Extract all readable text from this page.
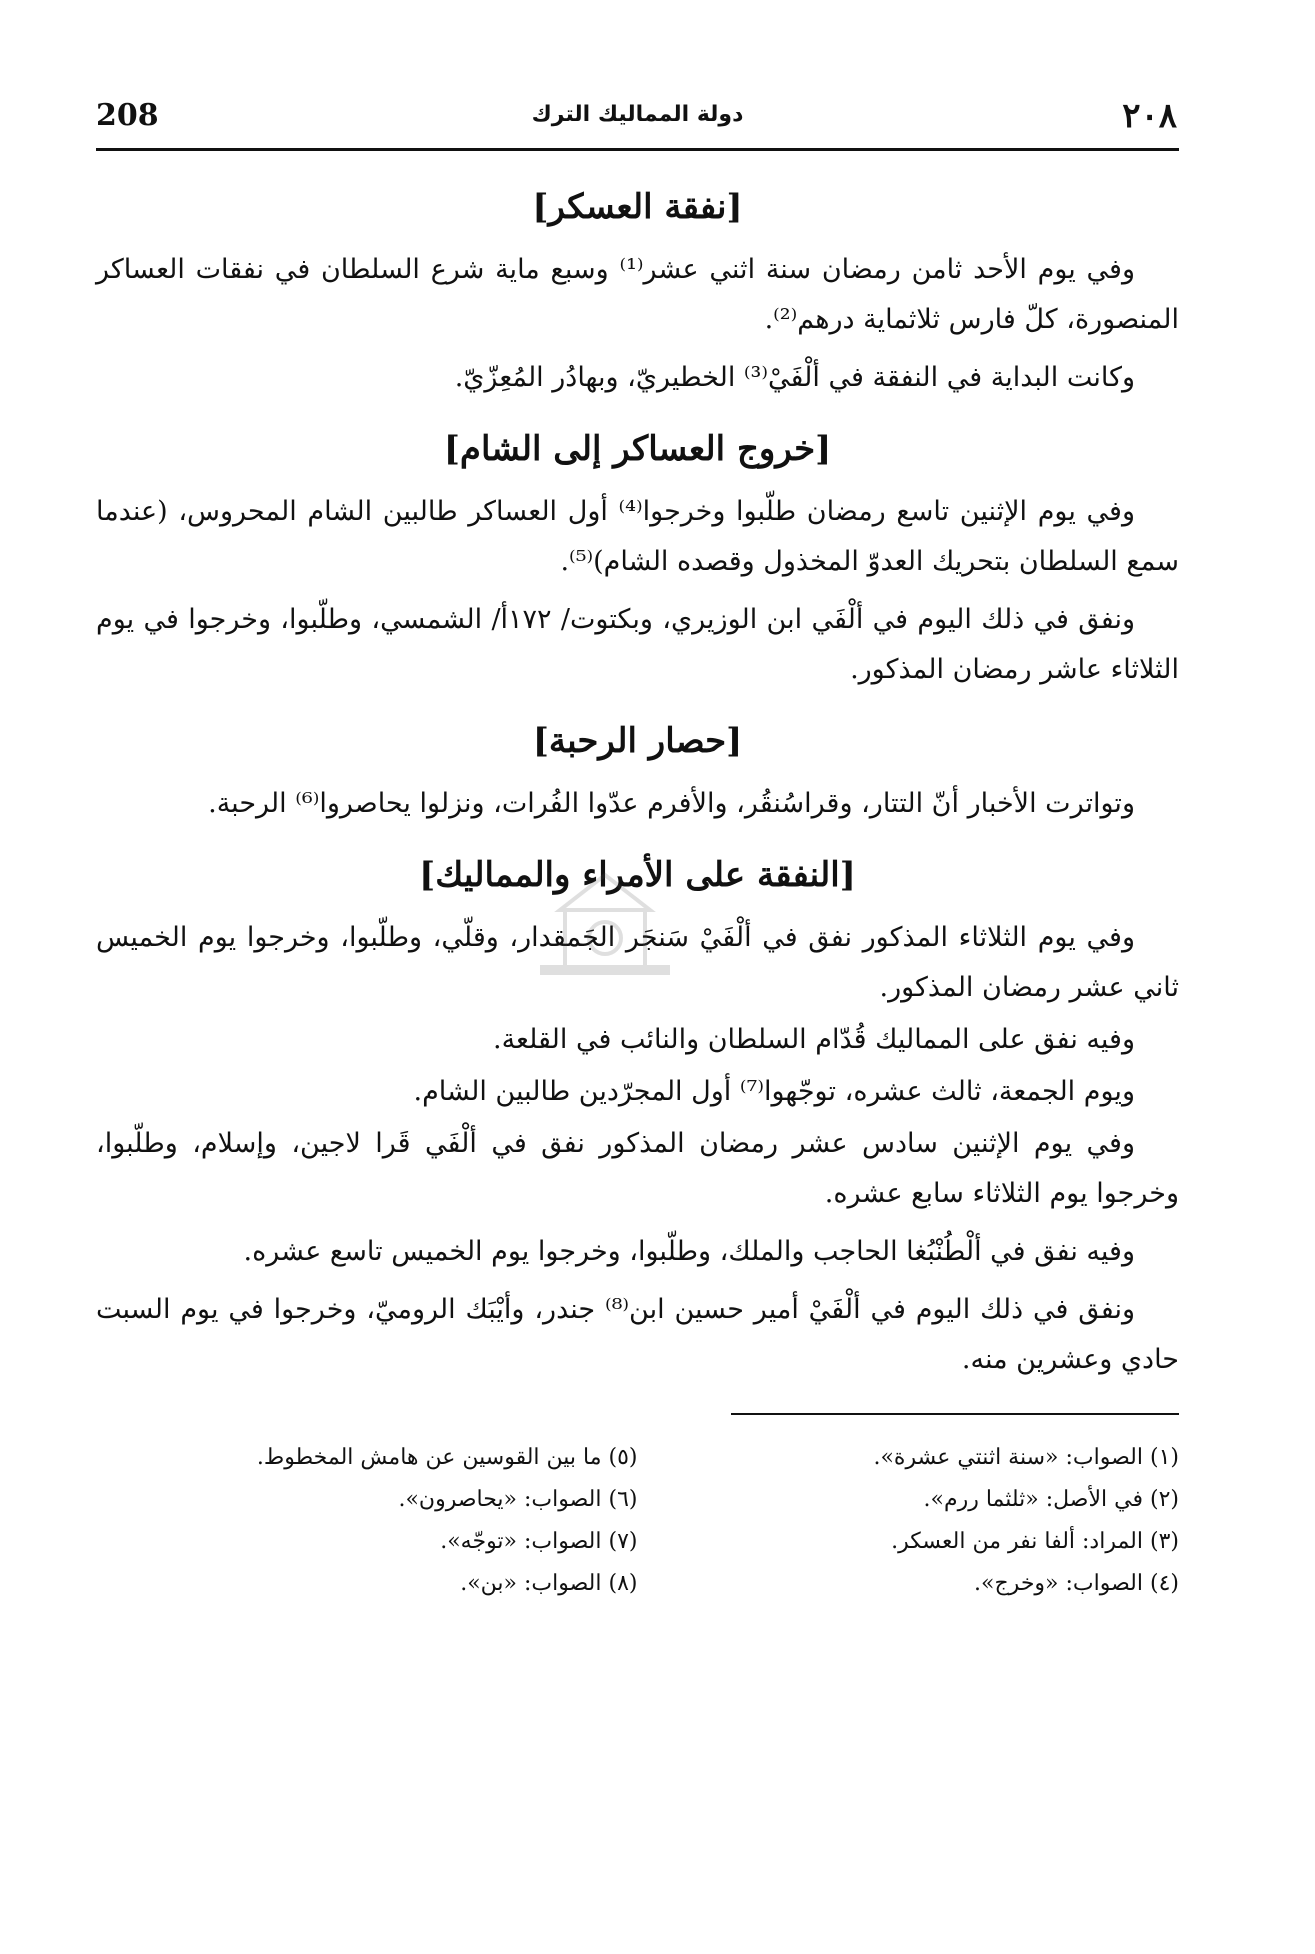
٢٠٨
دولة المماليك الترك
208
[نفقة العسكر]

وفي يوم الأحد ثامن رمضان سنة اثني عشر⁽¹⁾ وسبع ماية شرع السلطان في نفقات العساكر المنصورة، كلّ فارس ثلاثماية درهم⁽²⁾.

وكانت البداية في النفقة في ألْفَيْ⁽³⁾ الخطيريّ، وبهادُر المُعِزّيّ.

[خروج العساكر إلى الشام]

وفي يوم الإثنين تاسع رمضان طلّبوا وخرجوا⁽⁴⁾ أول العساكر طالبين الشام المحروس، (عندما سمع السلطان بتحريك العدوّ المخذول وقصده الشام)⁽⁵⁾.

ونفق في ذلك اليوم في ألْفَي ابن الوزيري، وبكتوت/ ١٧٢أ/ الشمسي، وطلّبوا، وخرجوا في يوم الثلاثاء عاشر رمضان المذكور.

[حصار الرحبة]

وتواترت الأخبار أنّ التتار، وقراسُنقُر، والأفرم عدّوا الفُرات، ونزلوا يحاصروا⁽⁶⁾ الرحبة.

[النفقة على الأمراء والمماليك]

وفي يوم الثلاثاء المذكور نفق في ألْفَيْ سَنجَر الجَمقدار، وقلّي، وطلّبوا، وخرجوا يوم الخميس ثاني عشر رمضان المذكور.

وفيه نفق على المماليك قُدّام السلطان والنائب في القلعة.

ويوم الجمعة، ثالث عشره، توجّهوا⁽⁷⁾ أول المجرّدين طالبين الشام.

وفي يوم الإثنين سادس عشر رمضان المذكور نفق في ألْفَي قَرا لاجين، وإسلام، وطلّبوا، وخرجوا يوم الثلاثاء سابع عشره.

وفيه نفق في ألْطُنْبُغا الحاجب والملك، وطلّبوا، وخرجوا يوم الخميس تاسع عشره.

ونفق في ذلك اليوم في ألْفَيْ أمير حسين ابن⁽⁸⁾ جندر، وأيْبَك الروميّ، وخرجوا في يوم السبت حادي وعشرين منه.

(١) الصواب: «سنة اثنتي عشرة».
(٢) في الأصل: «ثلثما ررم».
(٣) المراد: ألفا نفر من العسكر.
(٤) الصواب: «وخرج».
(٥) ما بين القوسين عن هامش المخطوط.
(٦) الصواب: «يحاصرون».
(٧) الصواب: «توجّه».
(٨) الصواب: «بن».
